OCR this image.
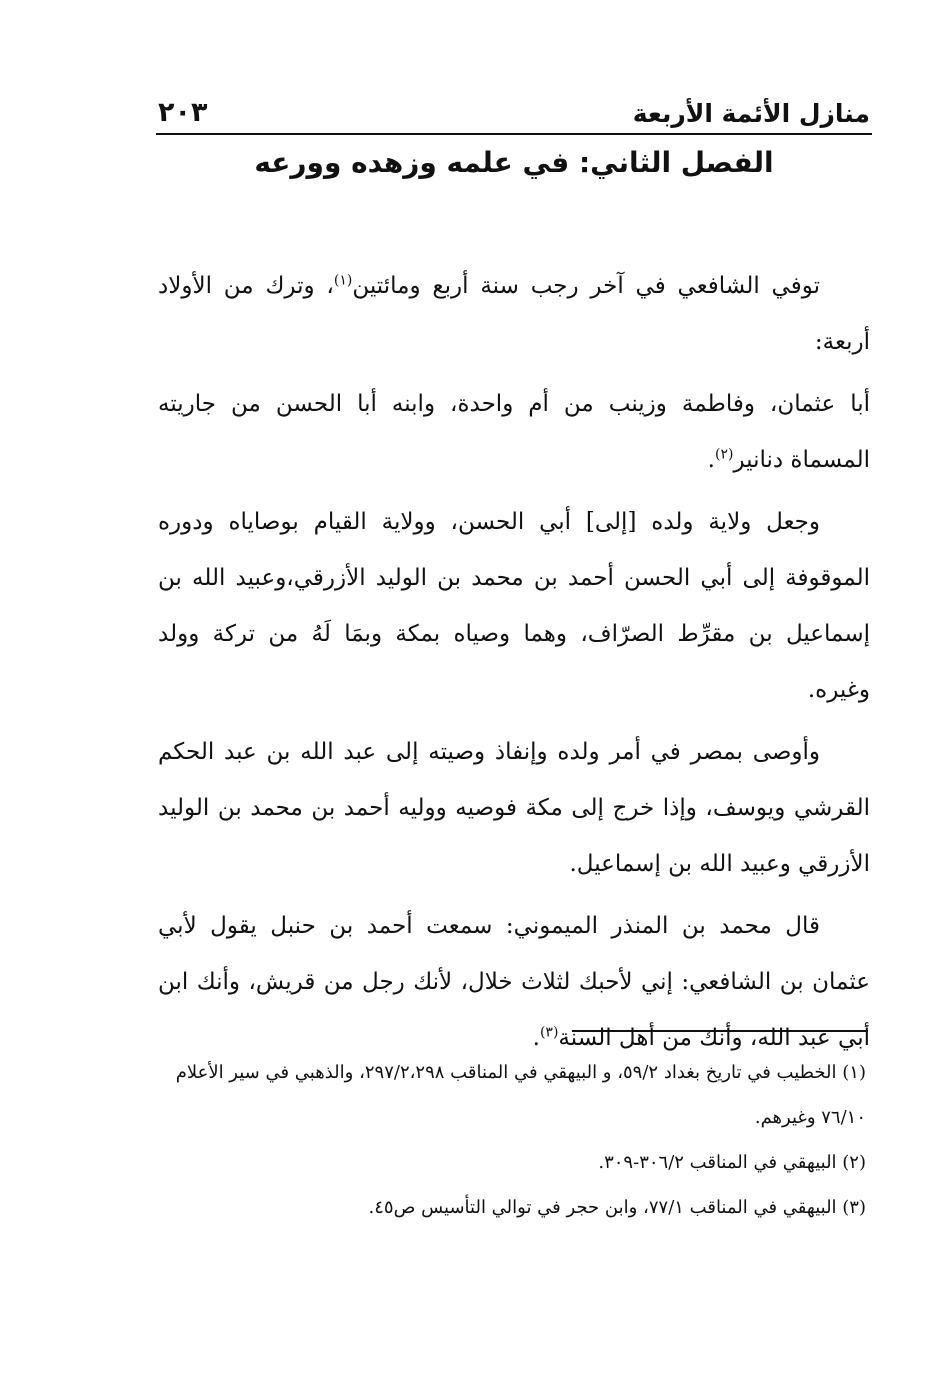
منازل الأئمة الأربعة
٢٠٣
الفصل الثاني: في علمه وزهده وورعه

توفي الشافعي في آخر رجب سنة أربع ومائتين$^{(١)}$، وترك من الأولاد أربعة:

أبا عثمان، وفاطمة وزينب من أم واحدة، وابنه أبا الحسن من جاريته المسماة دنانير$^{(٢)}$.

وجعل ولاية ولده [إلى] أبي الحسن، وولاية القيام بوصاياه ودوره الموقوفة إلى أبي الحسن أحمد بن محمد بن الوليد الأزرقي،وعبيد الله بن إسماعيل بن مقرِّط الصرّاف، وهما وصياه بمكة وبمَا لَهُ من تركة وولد وغيره.

وأوصى بمصر في أمر ولده وإنفاذ وصيته إلى عبد الله بن عبد الحكم القرشي ويوسف، وإذا خرج إلى مكة فوصيه ووليه أحمد بن محمد بن الوليد الأزرقي وعبيد الله بن إسماعيل.

قال محمد بن المنذر الميموني: سمعت أحمد بن حنبل يقول لأبي عثمان بن الشافعي: إني لأحبك لثلاث خلال، لأنك رجل من قريش، وأنك ابن أبي عبد الله، وأنك من أهل السنة$^{(٣)}$.

(١) الخطيب في تاريخ بغداد ٥٩/٢، و البيهقي في المناقب ٢٩٧/٢،٢٩٨، والذهبي في سير الأعلام ٧٦/١٠ وغيرهم.

(٢) البيهقي في المناقب ٣٠٦/٢-٣٠٩.

(٣) البيهقي في المناقب ٧٧/١، وابن حجر في توالي التأسيس ص٤٥.
